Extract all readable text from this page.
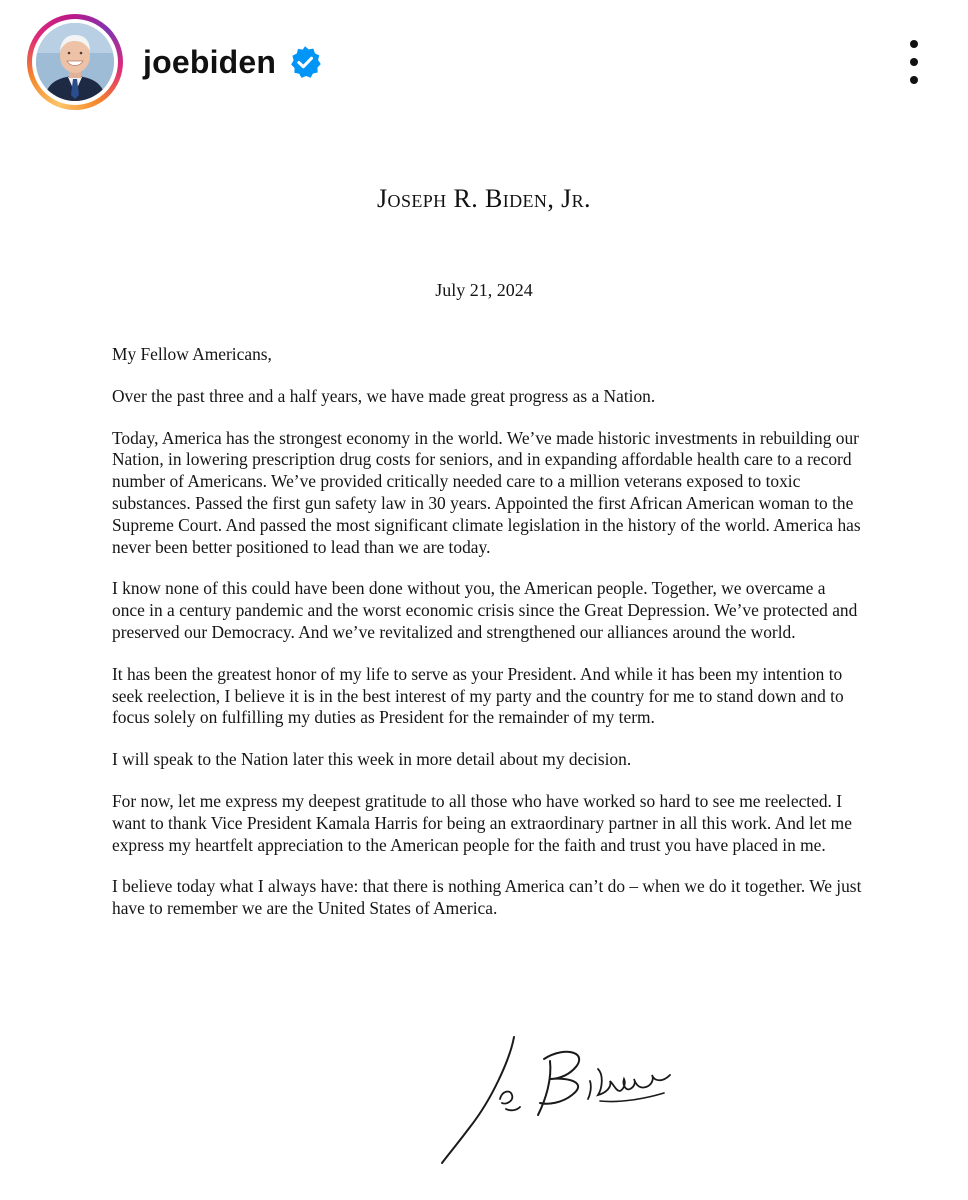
joebiden
Joseph R. Biden, Jr.
July 21, 2024

My Fellow Americans,

Over the past three and a half years, we have made great progress as a Nation.

Today, America has the strongest economy in the world. We’ve made historic investments in rebuilding our Nation, in lowering prescription drug costs for seniors, and in expanding affordable health care to a record number of Americans. We’ve provided critically needed care to a million veterans exposed to toxic substances. Passed the first gun safety law in 30 years. Appointed the first African American woman to the Supreme Court. And passed the most significant climate legislation in the history of the world. America has never been better positioned to lead than we are today.

I know none of this could have been done without you, the American people. Together, we overcame a once in a century pandemic and the worst economic crisis since the Great Depression. We’ve protected and preserved our Democracy. And we’ve revitalized and strengthened our alliances around the world.

It has been the greatest honor of my life to serve as your President. And while it has been my intention to seek reelection, I believe it is in the best interest of my party and the country for me to stand down and to focus solely on fulfilling my duties as President for the remainder of my term.

I will speak to the Nation later this week in more detail about my decision.

For now, let me express my deepest gratitude to all those who have worked so hard to see me reelected. I want to thank Vice President Kamala Harris for being an extraordinary partner in all this work. And let me express my heartfelt appreciation to the American people for the faith and trust you have placed in me.

I believe today what I always have: that there is nothing America can’t do – when we do it together. We just have to remember we are the United States of America.
